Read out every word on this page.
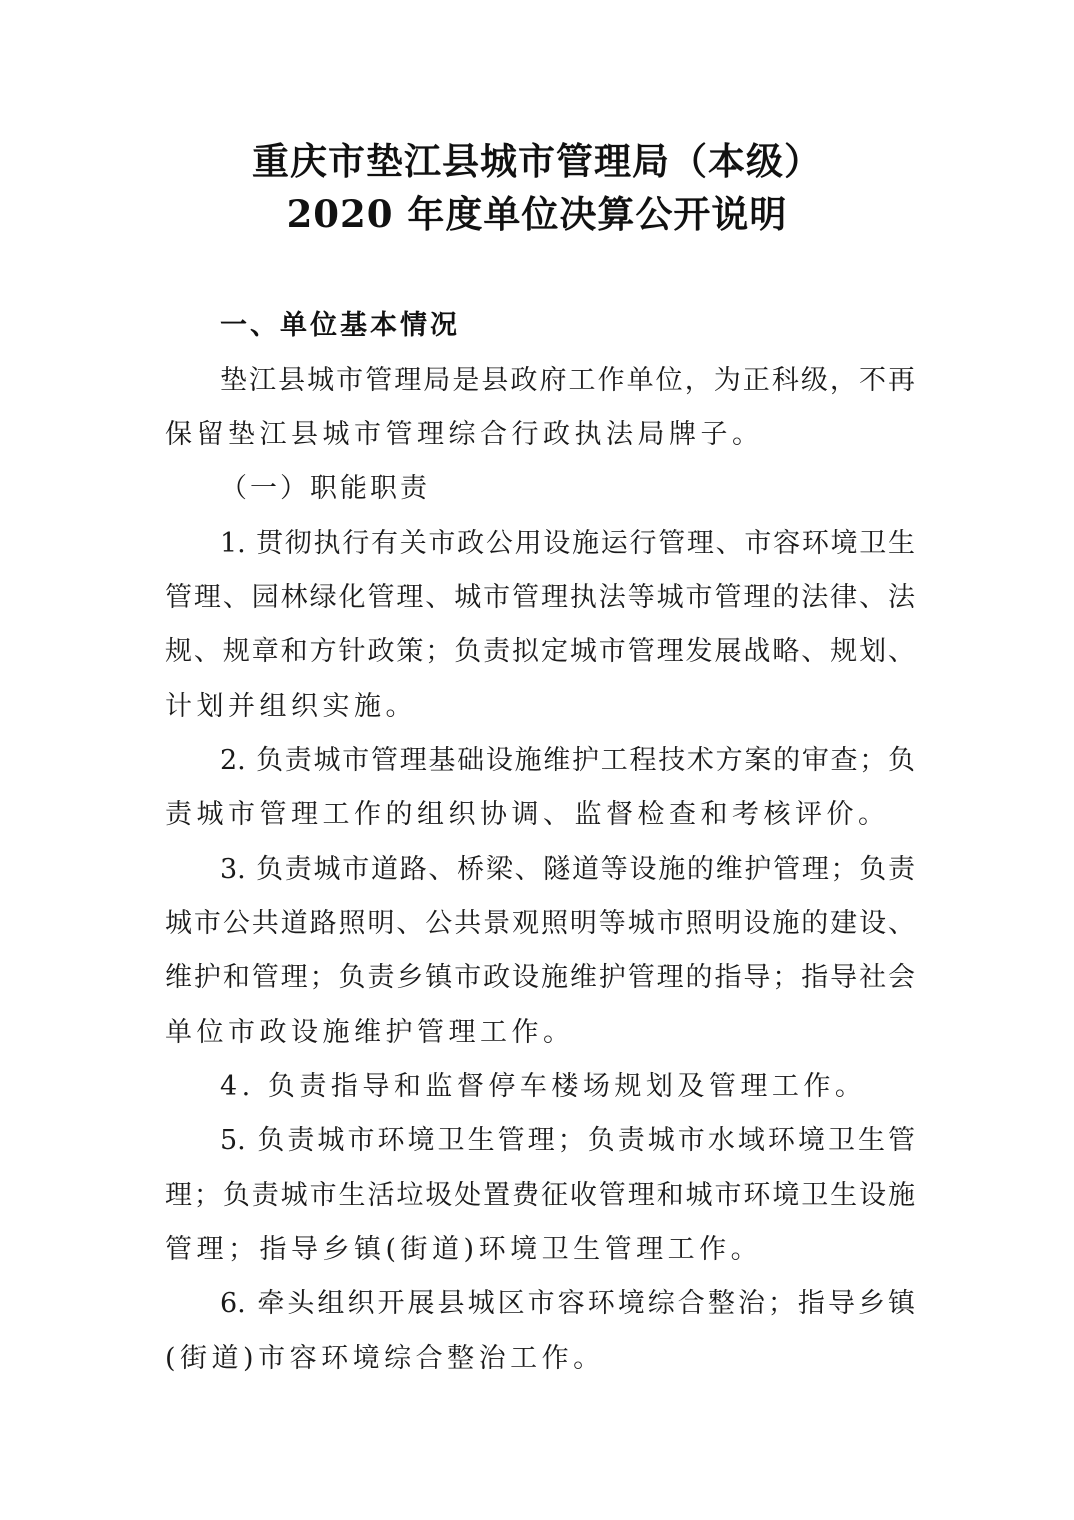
重庆市垫江县城市管理局（本级）
2020 年度单位决算公开说明
一、单位基本情况
垫江县城市管理局是县政府工作单位，为正科级，不再
保留垫江县城市管理综合行政执法局牌子。
（一）职能职责
1. 贯彻执行有关市政公用设施运行管理、市容环境卫生
管理、园林绿化管理、城市管理执法等城市管理的法律、法
规、规章和方针政策；负责拟定城市管理发展战略、规划、
计划并组织实施。
2. 负责城市管理基础设施维护工程技术方案的审查；负
责城市管理工作的组织协调、监督检查和考核评价。
3. 负责城市道路、桥梁、隧道等设施的维护管理；负责
城市公共道路照明、公共景观照明等城市照明设施的建设、
维护和管理；负责乡镇市政设施维护管理的指导；指导社会
单位市政设施维护管理工作。
4. 负责指导和监督停车楼场规划及管理工作。
5. 负责城市环境卫生管理；负责城市水域环境卫生管
理；负责城市生活垃圾处置费征收管理和城市环境卫生设施
管理；指导乡镇(街道)环境卫生管理工作。
6. 牵头组织开展县城区市容环境综合整治；指导乡镇
(街道)市容环境综合整治工作。
